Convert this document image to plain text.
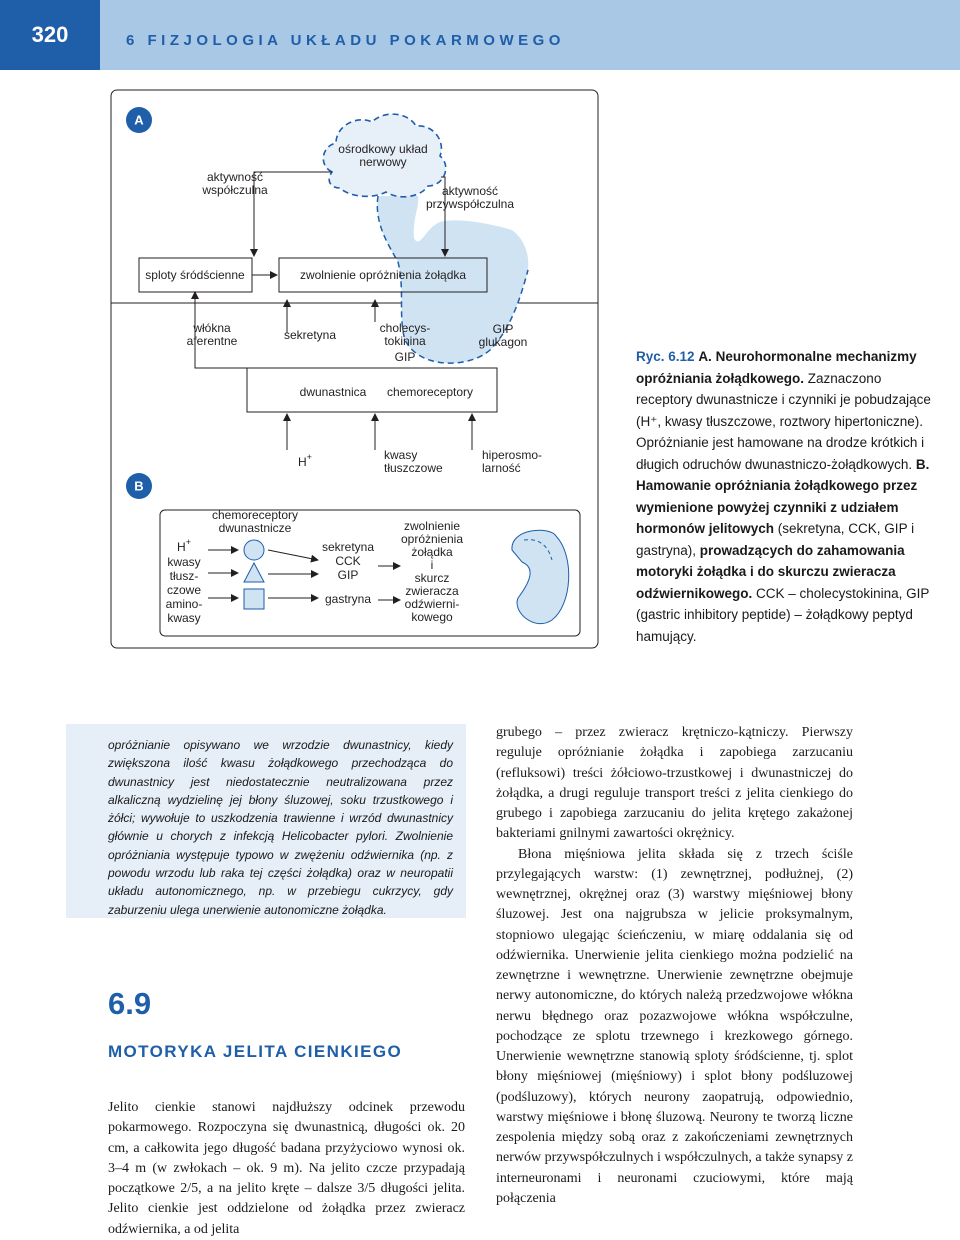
320	6 FIZJOLOGIA UKŁADU POKARMOWEGO
A
B
ośrodkowy układ
nerwowy
aktywność
współczulna	aktywność
przywspółczulna
sploty śródścienne	zwolnienie opróżnienia żołądka
włókna
aferentne	sekretyna	cholecys-
tokinina
GIP
GIP
glukagon
dwunastnica chemoreceptory
H+	kwasy
tłuszczowe
hiperosmo-
larność
chemoreceptory
dwunastnicze
H+
kwasy
tłusz-
czowe
amino-
kwasy
sekretyna
CCK
GIP
gastryna
zwolnienie
opróżnienia
żołądka
i
skurcz
zwieracza
odźwierni-
kowego
Ryc. 6.12 A. Neurohormonalne mechanizmy opróżniania żołądkowego. Zaznaczono receptory dwunastnicze i czynniki je pobudzające (H⁺, kwasy tłuszczowe, roztwory hipertoniczne). Opróżnianie jest hamowane na drodze krótkich i długich odruchów dwunastniczo-żołądkowych. B. Hamowanie opróżniania żołądkowego przez wymienione powyżej czynniki z udziałem hormonów jelitowych (sekretyna, CCK, GIP i gastryna), prowadzących do zahamowania motoryki żołądka i do skurczu zwieracza odźwiernikowego. CCK – cholecystokinina, GIP (gastric inhibitory peptide) – żołądkowy peptyd hamujący.
opróżnianie opisywano we wrzodzie dwunastnicy, kiedy zwiększona ilość kwasu żołądkowego przechodząca do dwunastnicy jest niedostatecznie neutralizowana przez alkaliczną wydzielinę jej błony śluzowej, soku trzustkowego i żółci; wywołuje to uszkodzenia trawienne i wrzód dwunastnicy głównie u chorych z infekcją Helicobacter pylori. Zwolnienie opróżniania występuje typowo w zwężeniu odźwiernika (np. z powodu wrzodu lub raka tej części żołądka) oraz w neuropatii układu autonomicznego, np. w przebiegu cukrzycy, gdy zaburzeniu ulega unerwienie autonomiczne żołądka.
6.9
MOTORYKA JELITA CIENKIEGO
Jelito cienkie stanowi najdłuższy odcinek przewodu pokarmowego. Rozpoczyna się dwunastnicą, długości ok. 20 cm, a całkowita jego długość badana przyżyciowo wynosi ok. 3–4 m (w zwłokach – ok. 9 m). Na jelito czcze przypadają początkowe 2/5, a na jelito kręte – dalsze 3/5 długości jelita. Jelito cienkie jest oddzielone od żołądka przez zwieracz odźwiernika, a od jelita

grubego – przez zwieracz krętniczo-kątniczy. Pierwszy reguluje opróżnianie żołądka i zapobiega zarzucaniu (refluksowi) treści żółciowo-trzustkowej i dwunastniczej do żołądka, a drugi reguluje transport treści z jelita cienkiego do grubego i zapobiega zarzucaniu do jelita krętego zakażonej bakteriami gnilnymi zawartości okrężnicy.

Błona mięśniowa jelita składa się z trzech ściśle przylegających warstw: (1) zewnętrznej, podłużnej, (2) wewnętrznej, okrężnej oraz (3) warstwy mięśniowej błony śluzowej. Jest ona najgrubsza w jelicie proksymalnym, stopniowo ulegając ścieńczeniu, w miarę oddalania się od odźwiernika. Unerwienie jelita cienkiego można podzielić na zewnętrzne i wewnętrzne. Unerwienie zewnętrzne obejmuje nerwy autonomiczne, do których należą przedzwojowe włókna nerwu błędnego oraz pozazwojowe włókna współczulne, pochodzące ze splotu trzewnego i krezkowego górnego. Unerwienie wewnętrzne stanowią sploty śródścienne, tj. splot błony mięśniowej (mięśniowy) i splot błony podśluzowej (podśluzowy), których neurony zaopatrują, odpowiednio, warstwy mięśniowe i błonę śluzową. Neurony te tworzą liczne zespolenia między sobą oraz z zakończeniami zewnętrznych nerwów przywspółczulnych i współczulnych, a także synapsy z interneuronami i neuronami czuciowymi, które mają połączenia
